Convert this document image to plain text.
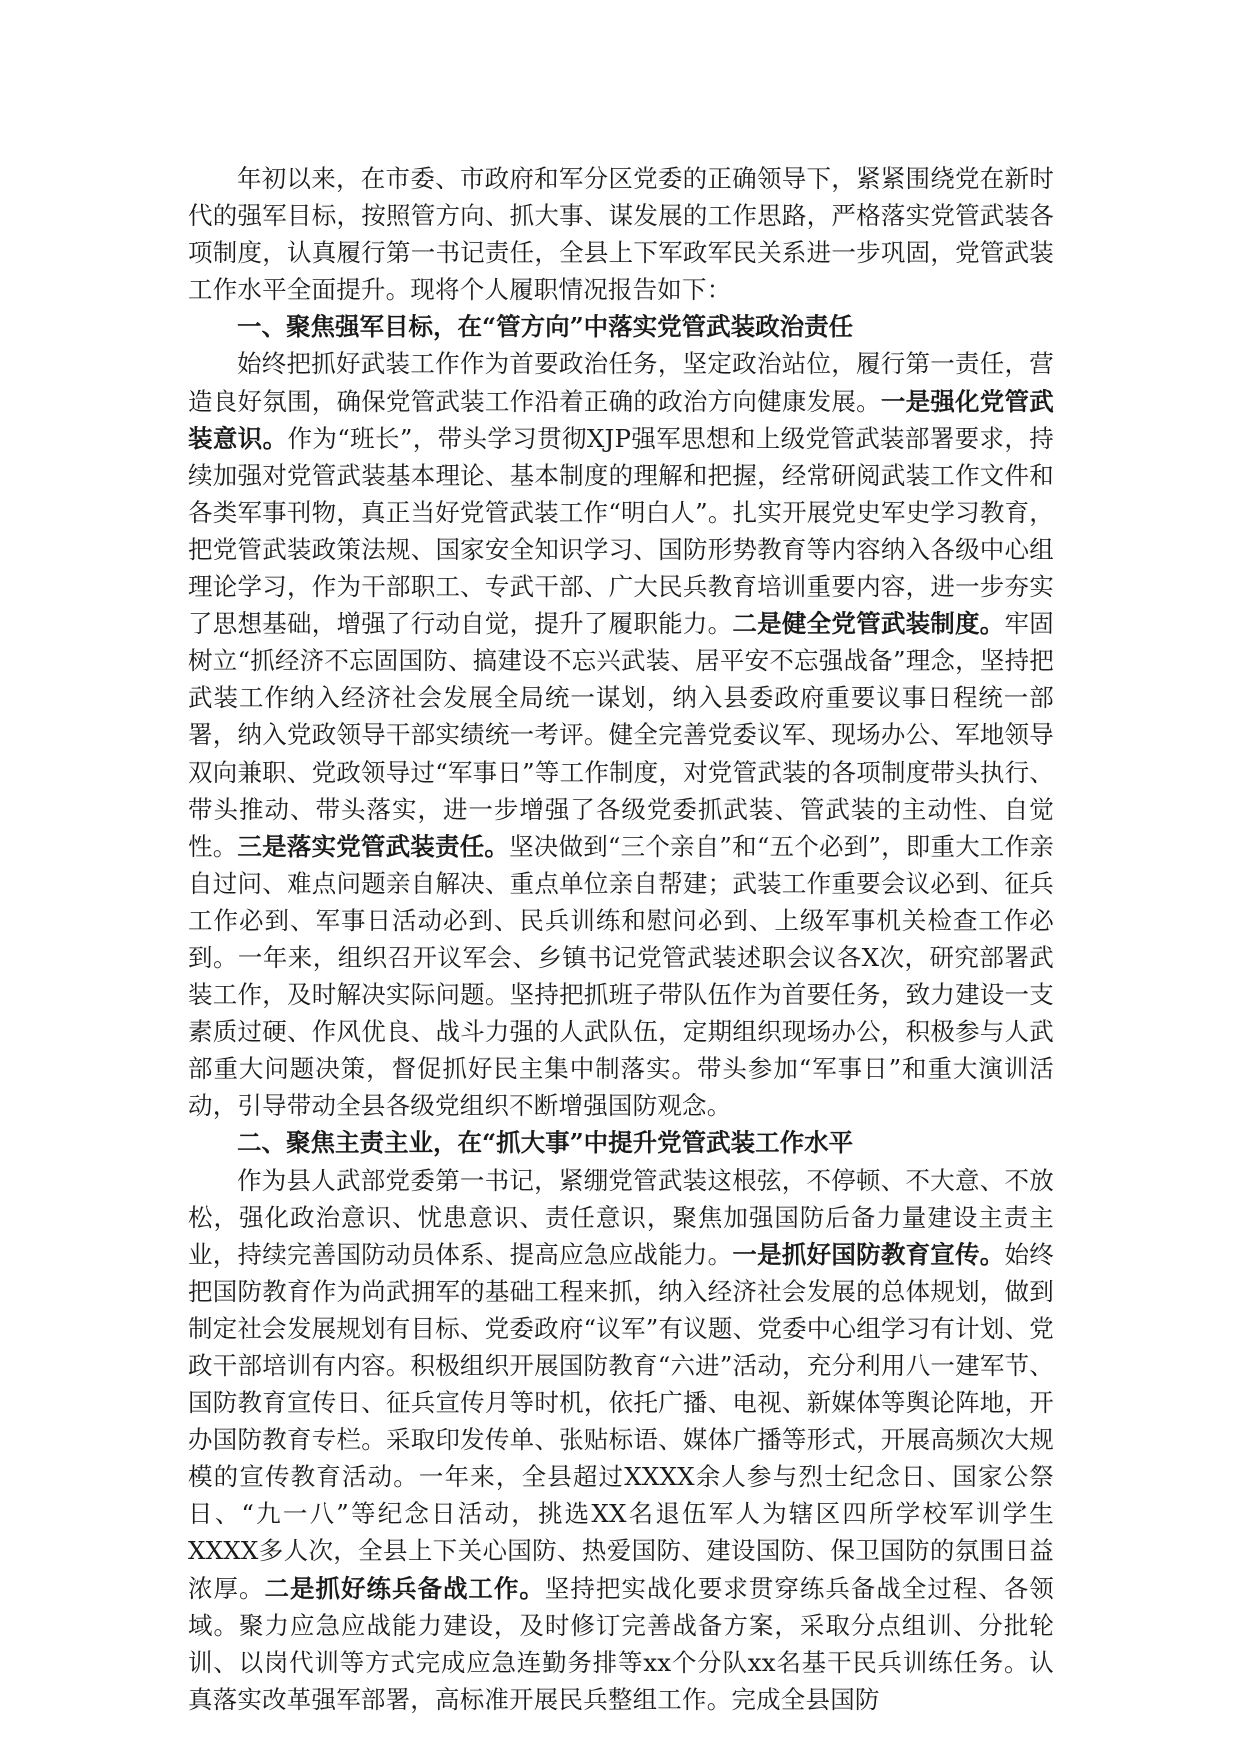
年初以来，在市委、市政府和军分区党委的正确领导下，紧紧围绕党在新时代的强军目标，按照管方向、抓大事、谋发展的工作思路，严格落实党管武装各项制度，认真履行第一书记责任，全县上下军政军民关系进一步巩固，党管武装工作水平全面提升。现将个人履职情况报告如下：

一、聚焦强军目标，在“管方向”中落实党管武装政治责任

始终把抓好武装工作作为首要政治任务，坚定政治站位，履行第一责任，营造良好氛围，确保党管武装工作沿着正确的政治方向健康发展。一是强化党管武装意识。作为“班长”，带头学习贯彻XJP强军思想和上级党管武装部署要求，持续加强对党管武装基本理论、基本制度的理解和把握，经常研阅武装工作文件和各类军事刊物，真正当好党管武装工作“明白人”。扎实开展党史军史学习教育，把党管武装政策法规、国家安全知识学习、国防形势教育等内容纳入各级中心组理论学习，作为干部职工、专武干部、广大民兵教育培训重要内容，进一步夯实了思想基础，增强了行动自觉，提升了履职能力。二是健全党管武装制度。牢固树立“抓经济不忘固国防、搞建设不忘兴武装、居平安不忘强战备”理念，坚持把武装工作纳入经济社会发展全局统一谋划，纳入县委政府重要议事日程统一部署，纳入党政领导干部实绩统一考评。健全完善党委议军、现场办公、军地领导双向兼职、党政领导过“军事日”等工作制度，对党管武装的各项制度带头执行、带头推动、带头落实，进一步增强了各级党委抓武装、管武装的主动性、自觉性。三是落实党管武装责任。坚决做到“三个亲自”和“五个必到”，即重大工作亲自过问、难点问题亲自解决、重点单位亲自帮建；武装工作重要会议必到、征兵工作必到、军事日活动必到、民兵训练和慰问必到、上级军事机关检查工作必到。一年来，组织召开议军会、乡镇书记党管武装述职会议各X次，研究部署武装工作，及时解决实际问题。坚持把抓班子带队伍作为首要任务，致力建设一支素质过硬、作风优良、战斗力强的人武队伍，定期组织现场办公，积极参与人武部重大问题决策，督促抓好民主集中制落实。带头参加“军事日”和重大演训活动，引导带动全县各级党组织不断增强国防观念。

二、聚焦主责主业，在“抓大事”中提升党管武装工作水平

作为县人武部党委第一书记，紧绷党管武装这根弦，不停顿、不大意、不放松，强化政治意识、忧患意识、责任意识，聚焦加强国防后备力量建设主责主业，持续完善国防动员体系、提高应急应战能力。一是抓好国防教育宣传。始终把国防教育作为尚武拥军的基础工程来抓，纳入经济社会发展的总体规划，做到制定社会发展规划有目标、党委政府“议军”有议题、党委中心组学习有计划、党政干部培训有内容。积极组织开展国防教育“六进”活动，充分利用八一建军节、国防教育宣传日、征兵宣传月等时机，依托广播、电视、新媒体等舆论阵地，开办国防教育专栏。采取印发传单、张贴标语、媒体广播等形式，开展高频次大规模的宣传教育活动。一年来，全县超过XXXX余人参与烈士纪念日、国家公祭日、“九一八”等纪念日活动，挑选XX名退伍军人为辖区四所学校军训学生XXXX多人次，全县上下关心国防、热爱国防、建设国防、保卫国防的氛围日益浓厚。二是抓好练兵备战工作。坚持把实战化要求贯穿练兵备战全过程、各领域。聚力应急应战能力建设，及时修订完善战备方案，采取分点组训、分批轮训、以岗代训等方式完成应急连勤务排等xx个分队xx名基干民兵训练任务。认真落实改革强军部署，高标准开展民兵整组工作。完成全县国防
